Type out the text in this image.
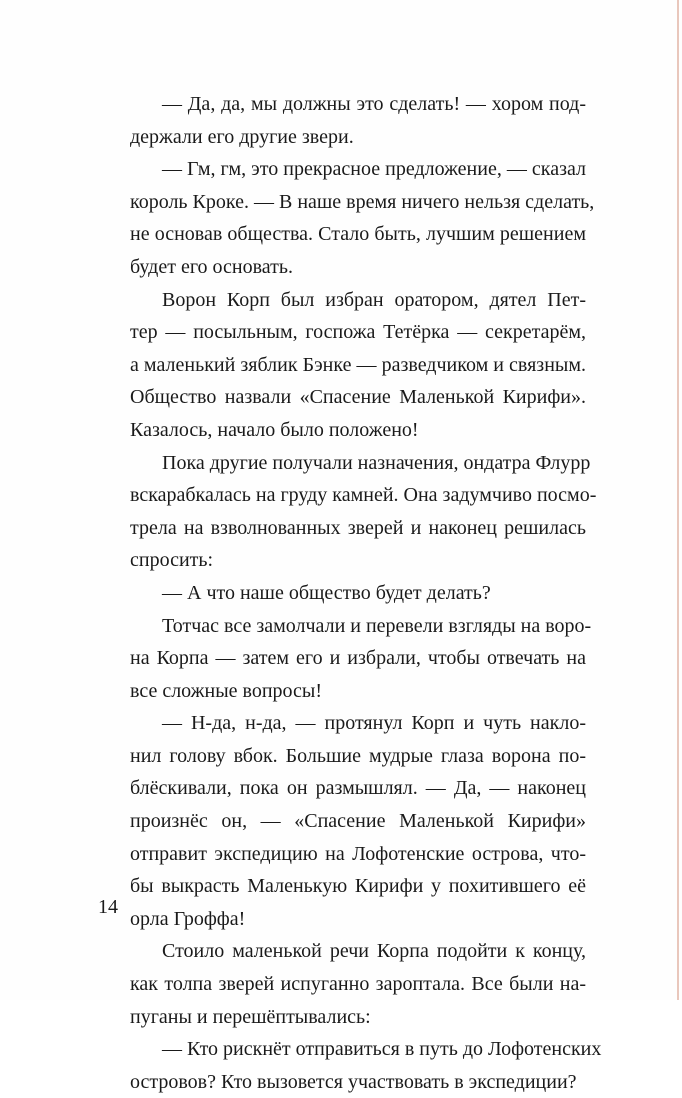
— Да, да, мы должны это сделать! — хором под-
держали его другие звери.

— Гм, гм, это прекрасное предложение, — сказал
король Кроке. — В наше время ничего нельзя сделать,
не основав общества. Стало быть, лучшим решением
будет его основать.

Ворон Корп был избран оратором, дятел Пет-
тер — посыльным, госпожа Тетёрка — секретарём,
а маленький зяблик Бэнке — разведчиком и связным.
Общество назвали «Спасение Маленькой Кирифи».
Казалось, начало было положено!

Пока другие получали назначения, ондатра Флурр
вскарабкалась на груду камней. Она задумчиво посмо-
трела на взволнованных зверей и наконец решилась
спросить:

— А что наше общество будет делать?

Тотчас все замолчали и перевели взгляды на воро-
на Корпа — затем его и избрали, чтобы отвечать на
все сложные вопросы!

— Н-да, н-да, — протянул Корп и чуть накло-
нил голову вбок. Большие мудрые глаза ворона по-
блёскивали, пока он размышлял. — Да, — наконец
произнёс он, — «Спасение Маленькой Кирифи»
отправит экспедицию на Лофотенские острова, что-
бы выкрасть Маленькую Кирифи у похитившего её
орла Гроффа!

Стоило маленькой речи Корпа подойти к концу,
как толпа зверей испуганно зароптала. Все были на-
пуганы и перешёптывались:

— Кто рискнёт отправиться в путь до Лофотенских
островов? Кто вызовется участвовать в экспедиции?

14
